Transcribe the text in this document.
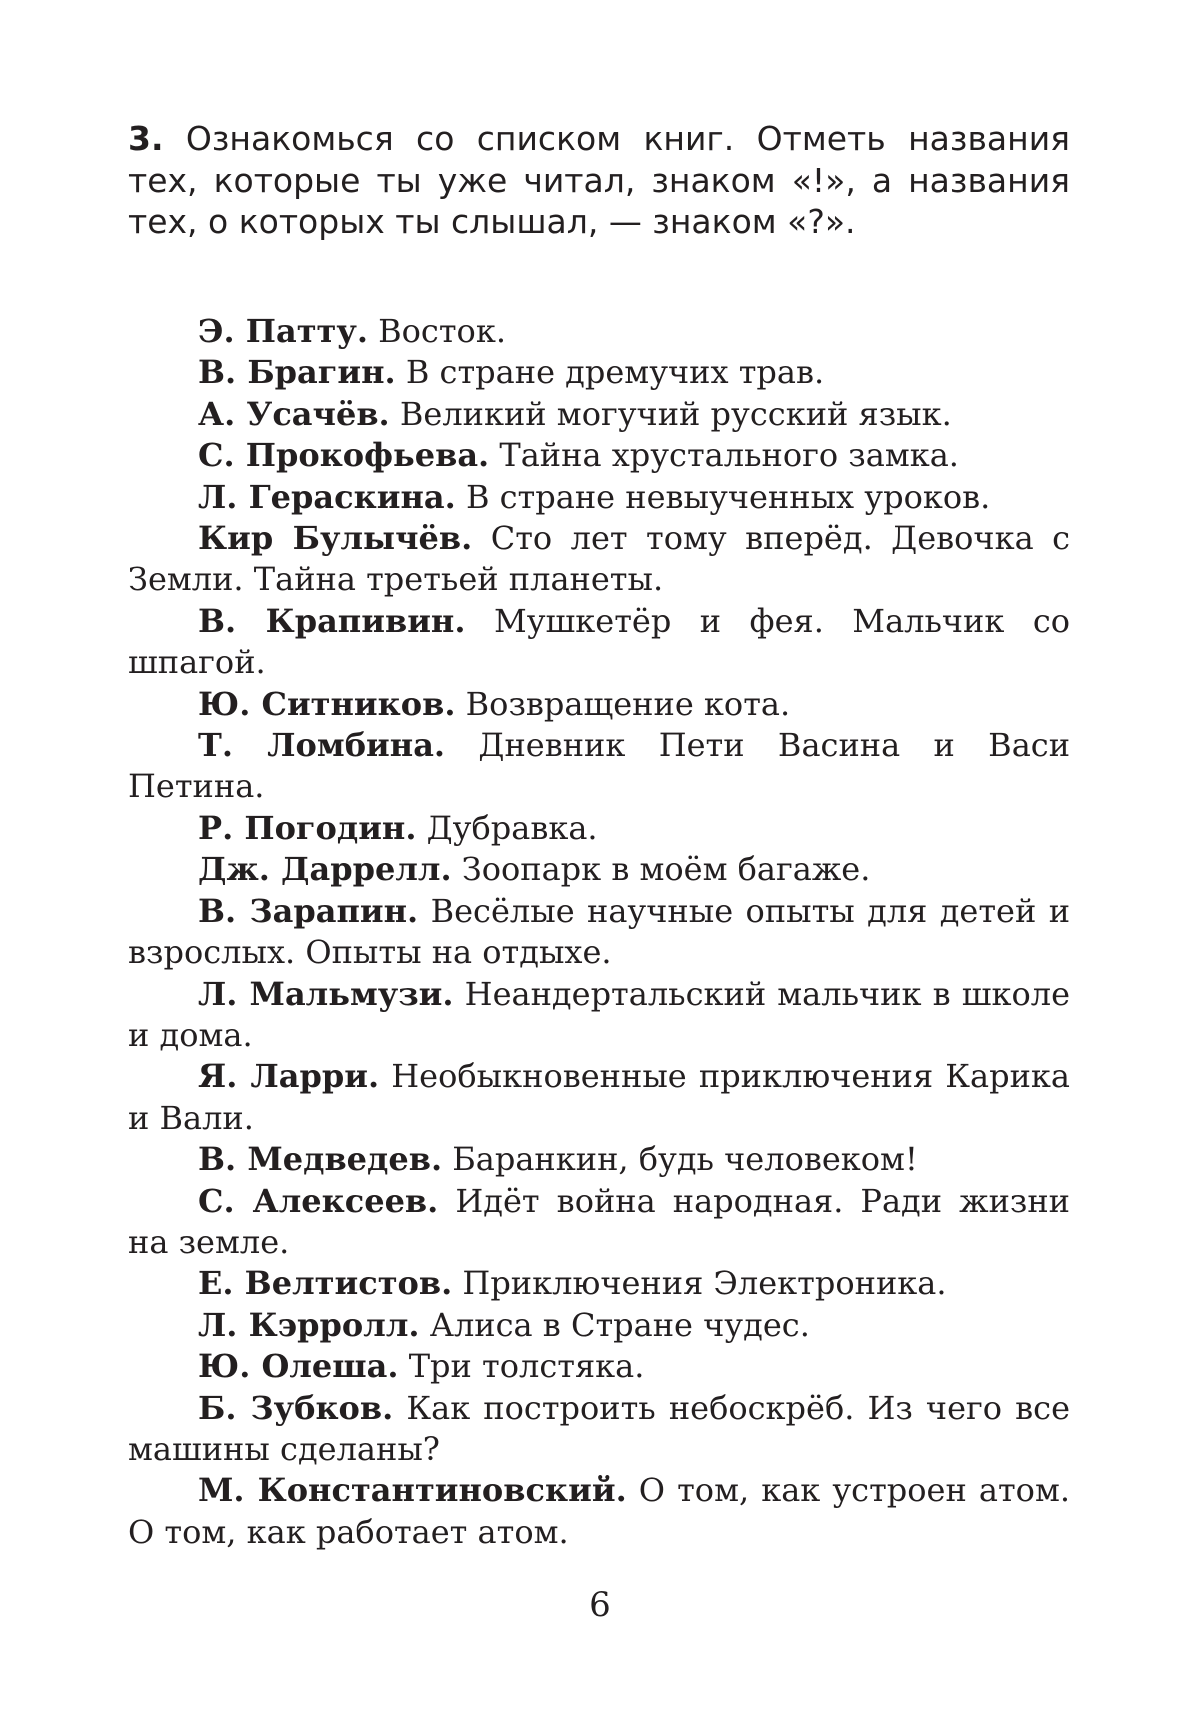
3. Ознакомься со списком книг. Отметь названия тех, которые ты уже читал, знаком «!», а названия тех, о которых ты слышал, — знаком «?».

Э. Патту. Восток.
В. Брагин. В стране дремучих трав.
А. Усачёв. Великий могучий русский язык.
С. Прокофьева. Тайна хрустального замка.
Л. Гераскина. В стране невыученных уроков.
Кир Булычёв. Сто лет тому вперёд. Девочка с Земли. Тайна третьей планеты.
В. Крапивин. Мушкетёр и фея. Мальчик со шпагой.
Ю. Ситников. Возвращение кота.
Т. Ломбина. Дневник Пети Васина и Васи Петина.
Р. Погодин. Дубравка.
Дж. Даррелл. Зоопарк в моём багаже.
В. Зарапин. Весёлые научные опыты для детей и взрослых. Опыты на отдыхе.
Л. Мальмузи. Неандертальский мальчик в школе и дома.
Я. Ларри. Необыкновенные приключения Карика и Вали.
В. Медведев. Баранкин, будь человеком!
С. Алексеев. Идёт война народная. Ради жизни на земле.
Е. Велтистов. Приключения Электроника.
Л. Кэрролл. Алиса в Стране чудес.
Ю. Олеша. Три толстяка.
Б. Зубков. Как построить небоскрёб. Из чего все машины сделаны?
М. Константиновский. О том, как устроен атом. О том, как работает атом.
6
